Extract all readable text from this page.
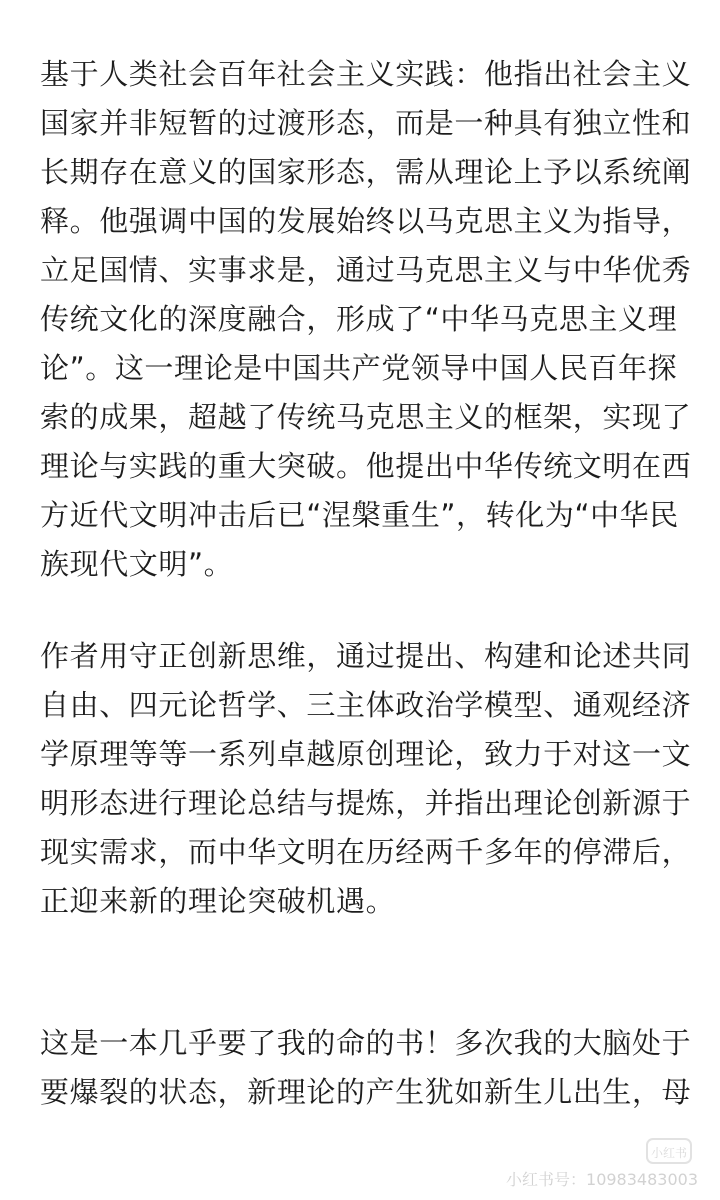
基于人类社会百年社会主义实践：他指出社会主义
国家并非短暂的过渡形态，而是一种具有独立性和
长期存在意义的国家形态，需从理论上予以系统阐
释。他强调中国的发展始终以马克思主义为指导，
立足国情、实事求是，通过马克思主义与中华优秀
传统文化的深度融合，形成了“中华马克思主义理
论”。这一理论是中国共产党领导中国人民百年探
索的成果，超越了传统马克思主义的框架，实现了
理论与实践的重大突破。他提出中华传统文明在西
方近代文明冲击后已“涅槃重生”，转化为“中华民
族现代文明”。
作者用守正创新思维，通过提出、构建和论述共同
自由、四元论哲学、三主体政治学模型、通观经济
学原理等等一系列卓越原创理论，致力于对这一文
明形态进行理论总结与提炼，并指出理论创新源于
现实需求，而中华文明在历经两千多年的停滞后，
正迎来新的理论突破机遇。
这是一本几乎要了我的命的书！多次我的大脑处于
要爆裂的状态，新理论的产生犹如新生儿出生，母
小红书
小红书号：10983483003
